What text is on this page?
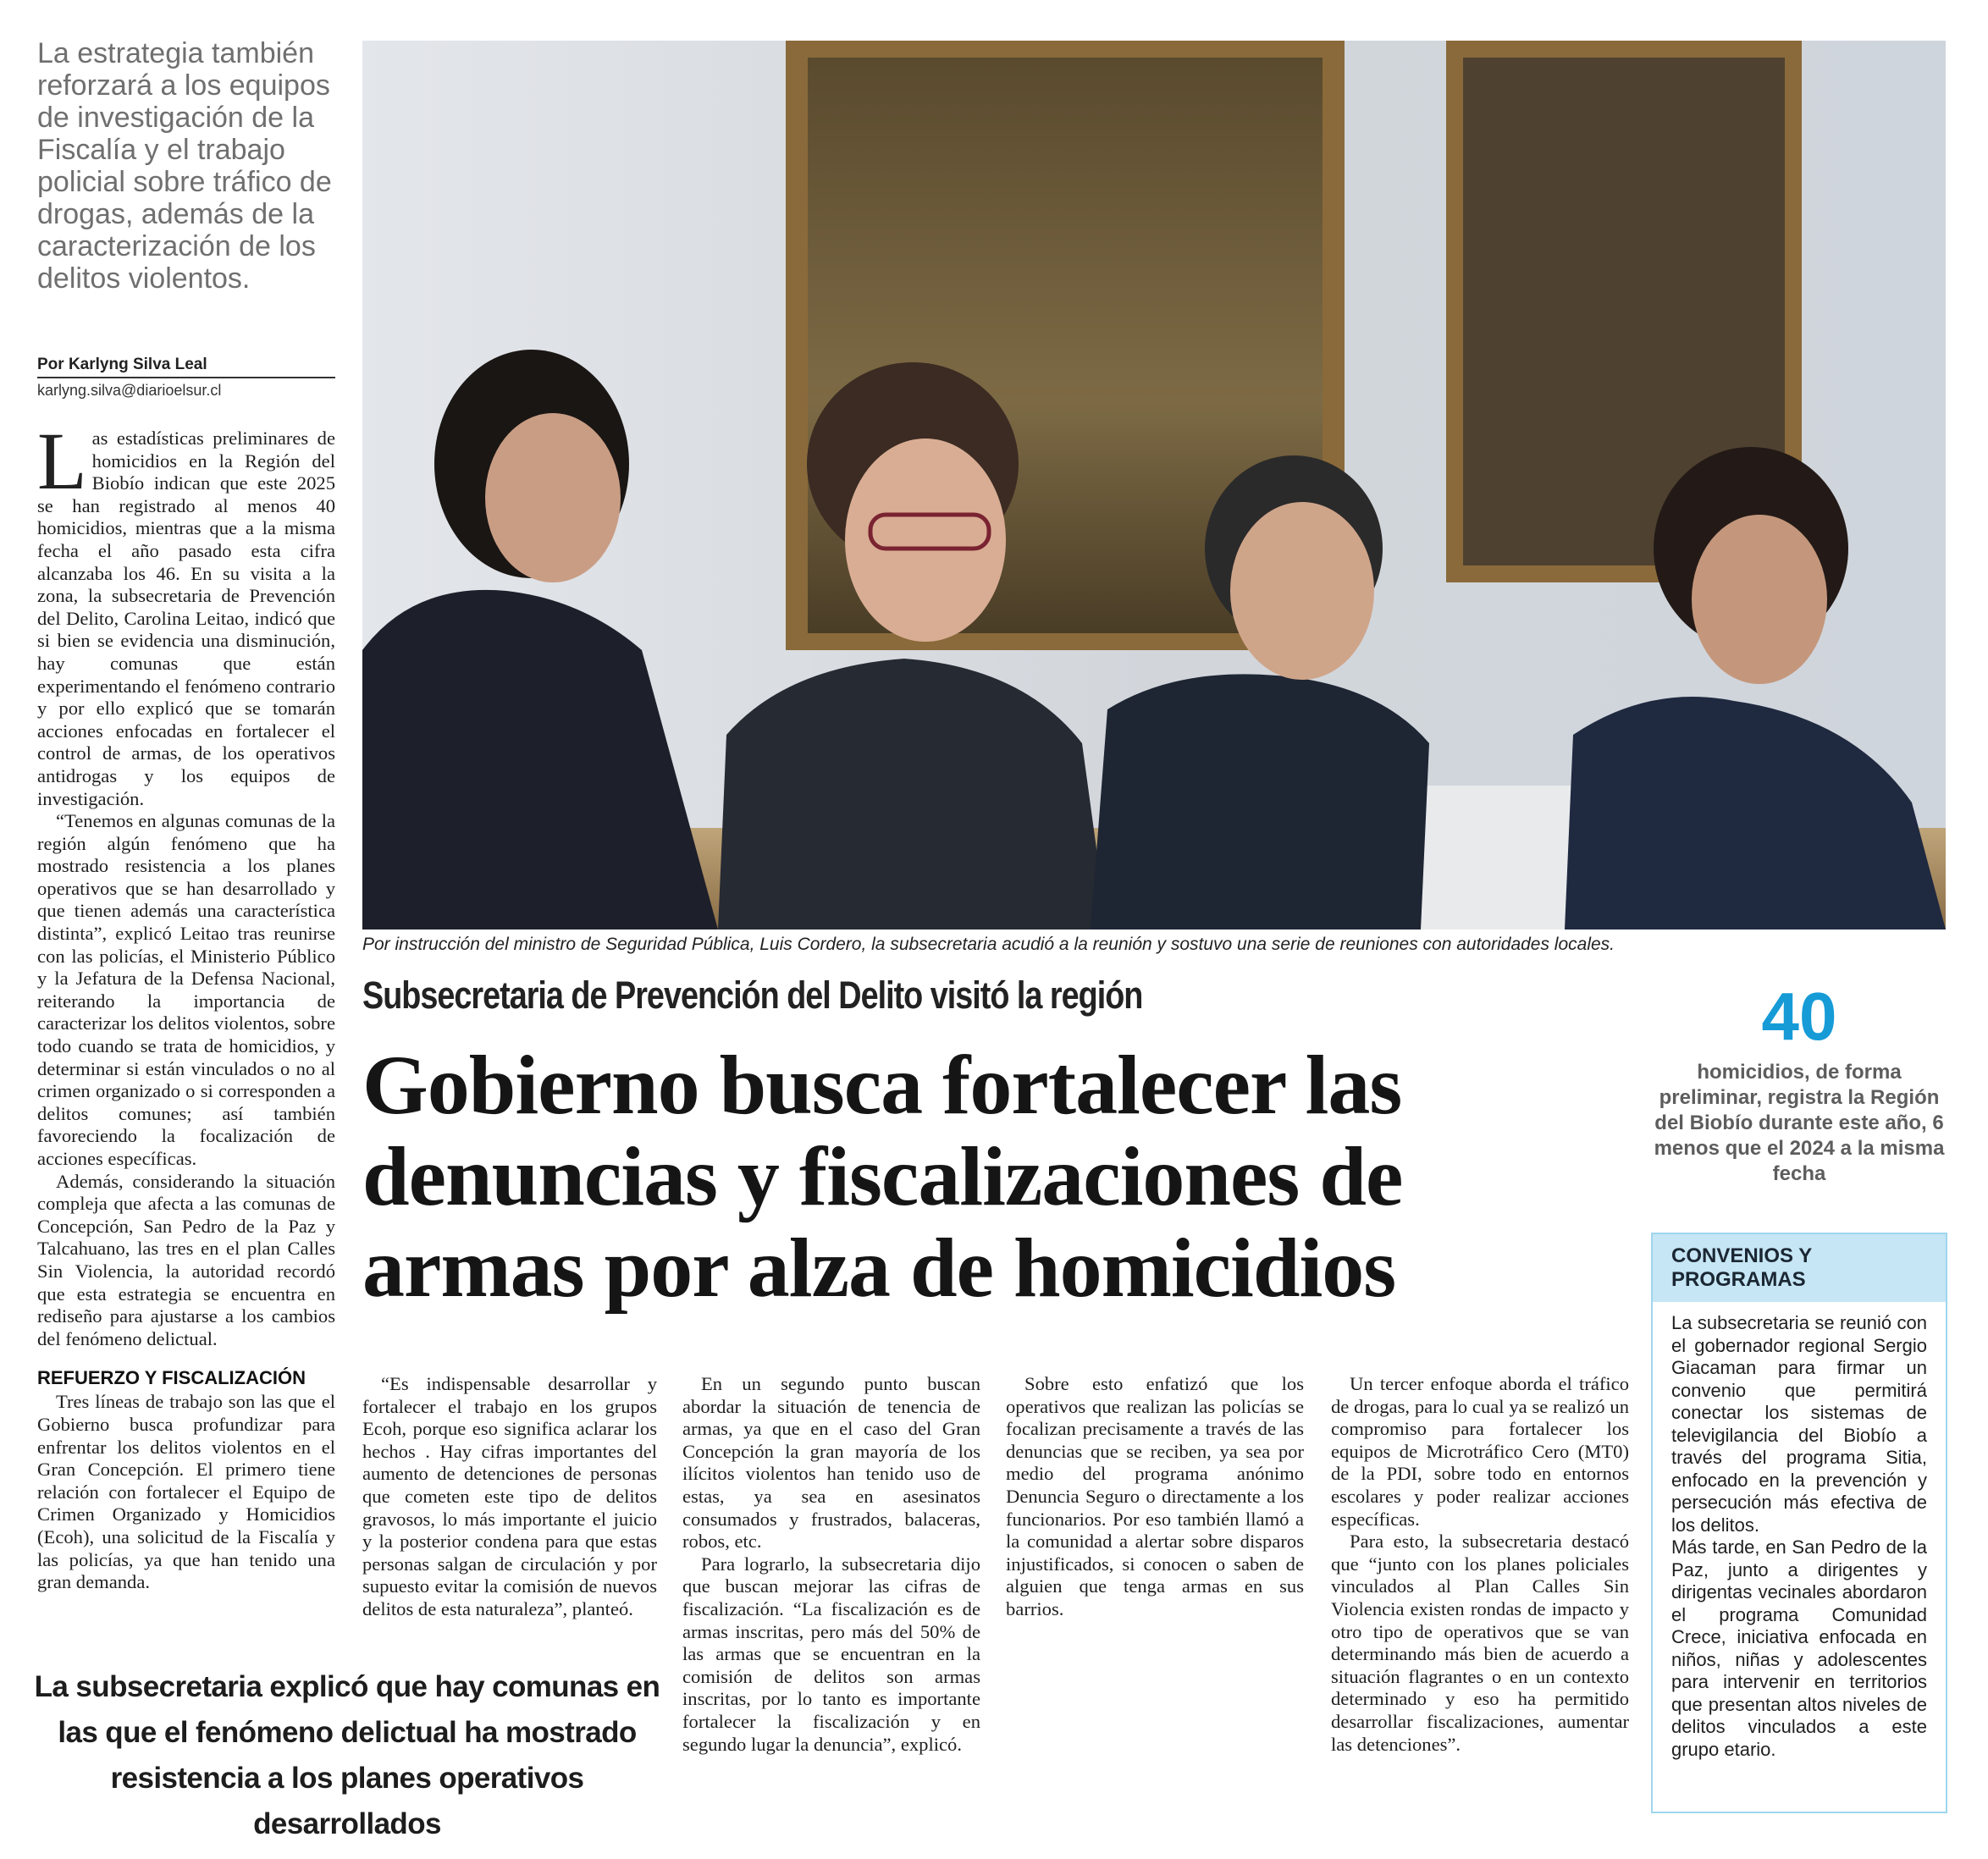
La estrategia también reforzará a los equipos de investigación de la Fiscalía y el trabajo policial sobre tráfico de drogas, además de la caracterización de los delitos violentos.
Por Karlyng Silva Leal
karlyng.silva@diarioelsur.cl
Por instrucción del ministro de Seguridad Pública, Luis Cordero, la subsecretaria acudió a la reunión y sostuvo una serie de reuniones con autoridades locales.
Subsecretaria de Prevención del Delito visitó la región
Gobierno busca fortalecer las denuncias y fiscalizaciones de armas por alza de homicidios
40
homicidios, de forma preliminar, registra la Región del Biobío durante este año, 6 menos que el 2024 a la misma fecha

Las estadísticas preliminares de homicidios en la Región del Biobío indican que este 2025 se han registrado al menos 40 homicidios, mientras que a la misma fecha el año pasado esta cifra alcanzaba los 46. En su visita a la zona, la subsecretaria de Prevención del Delito, Carolina Leitao, indicó que si bien se evidencia una disminución, hay comunas que están experimentando el fenómeno contrario y por ello explicó que se tomarán acciones enfocadas en fortalecer el control de armas, de los operativos antidrogas y los equipos de investigación.

“Tenemos en algunas comunas de la región algún fenómeno que ha mostrado resistencia a los planes operativos que se han desarrollado y que tienen además una característica distinta”, explicó Leitao tras reunirse con las policías, el Ministerio Público y la Jefatura de la Defensa Nacional, reiterando la importancia de caracterizar los delitos violentos, sobre todo cuando se trata de homicidios, y determinar si están vinculados o no al crimen organizado o si corresponden a delitos comunes; así también favoreciendo la focalización de acciones específicas.

Además, considerando la situación compleja que afecta a las comunas de Concepción, San Pedro de la Paz y Talcahuano, las tres en el plan Calles Sin Violencia, la autoridad recordó que esta estrategia se encuentra en rediseño para ajustarse a los cambios del fenómeno delictual.

REFUERZO Y FISCALIZACIÓN

Tres líneas de trabajo son las que el Gobierno busca profundizar para enfrentar los delitos violentos en el Gran Concepción. El primero tiene relación con fortalecer el Equipo de Crimen Organizado y Homicidios (Ecoh), una solicitud de la Fiscalía y las policías, ya que han tenido una gran demanda.

“Es indispensable desarrollar y fortalecer el trabajo en los grupos Ecoh, porque eso significa aclarar los hechos . Hay cifras importantes del aumento de detenciones de personas que cometen este tipo de delitos gravosos, lo más importante el juicio y la posterior condena para que estas personas salgan de circulación y por supuesto evitar la comisión de nuevos delitos de esta naturaleza”, planteó.

En un segundo punto buscan abordar la situación de tenencia de armas, ya que en el caso del Gran Concepción la gran mayoría de los ilícitos violentos han tenido uso de estas, ya sea en asesinatos consumados y frustrados, balaceras, robos, etc.

Para lograrlo, la subsecretaria dijo que buscan mejorar las cifras de fiscalización. “La fiscalización es de armas inscritas, pero más del 50% de las armas que se encuentran en la comisión de delitos son armas inscritas, por lo tanto es importante fortalecer la fiscalización y en segundo lugar la denuncia”, explicó.

Sobre esto enfatizó que los operativos que realizan las policías se focalizan precisamente a través de las denuncias que se reciben, ya sea por medio del programa anónimo Denuncia Seguro o directamente a los funcionarios. Por eso también llamó a la comunidad a alertar sobre disparos injustificados, si conocen o saben de alguien que tenga armas en sus barrios.

Un tercer enfoque aborda el tráfico de drogas, para lo cual ya se realizó un compromiso para fortalecer los equipos de Microtráfico Cero (MT0) de la PDI, sobre todo en entornos escolares y poder realizar acciones específicas.

Para esto, la subsecretaria destacó que “junto con los planes policiales vinculados al Plan Calles Sin Violencia existen rondas de impacto y otro tipo de operativos que se van determinando más bien de acuerdo a situación flagrantes o en un contexto determinado y eso ha permitido desarrollar fiscalizaciones, aumentar las detenciones”.

La subsecretaria explicó que hay comunas en las que el fenómeno delictual ha mostrado resistencia a los planes operativos desarrollados
CONVENIOS Y PROGRAMAS

La subsecretaria se reunió con el gobernador regional Sergio Giacaman para firmar un convenio que permitirá conectar los sistemas de televigilancia del Biobío a través del programa Sitia, enfocado en la prevención y persecución más efectiva de los delitos.

Más tarde, en San Pedro de la Paz, junto a dirigentes y dirigentas vecinales abordaron el programa Comunidad Crece, iniciativa enfocada en niños, niñas y adolescentes para intervenir en territorios que presentan altos niveles de delitos vinculados a este grupo etario.
